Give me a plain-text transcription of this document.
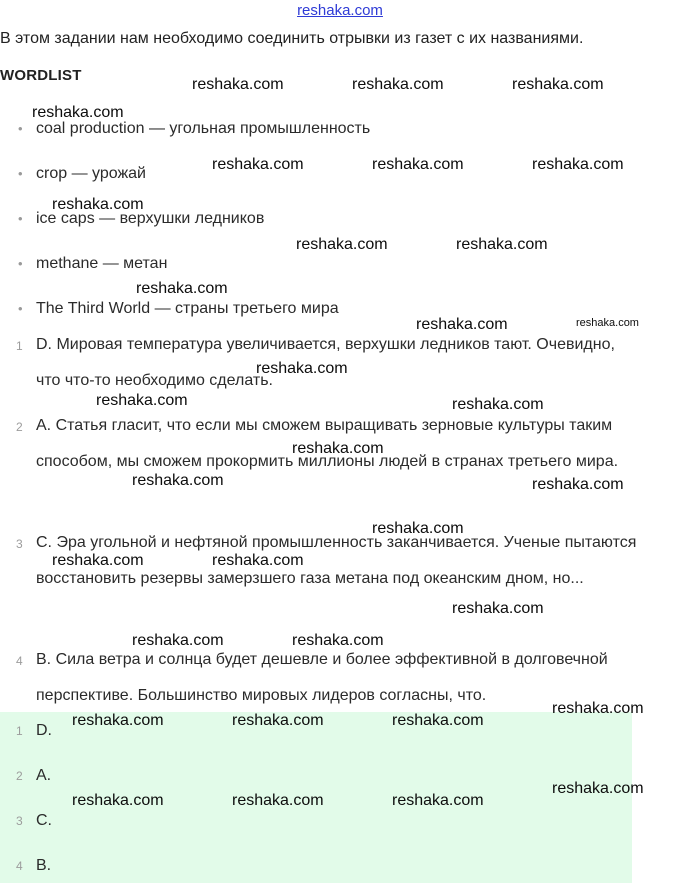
reshaka.com
В этом задании нам необходимо соединить отрывки из газет с их названиями.
WORDLIST
• coal production — угольная промышленность
• crop — урожай
• ice caps — верхушки ледников
• methane — метан
• The Third World — страны третьего мира
1 D. Мировая температура увеличивается, верхушки ледников тают. Очевидно, что что-то необходимо сделать.
2 A. Статья гласит, что если мы сможем выращивать зерновые культуры таким способом, мы сможем прокормить миллионы людей в странах третьего мира.
3 C. Эра угольной и нефтяной промышленность заканчивается. Ученые пытаются восстановить резервы замерзшего газа метана под океанским дном, но...
4 B. Сила ветра и солнца будет дешевле и более эффективной в долговечной перспективе. Большинство мировых лидеров согласны, что.
1 D.
2 A.
3 C.
4 B.
reshaka.com	reshaka.com	reshaka.com
reshaka.com
reshaka.com	reshaka.com	reshaka.com
reshaka.com
reshaka.com	reshaka.com
reshaka.com
reshaka.com	reshaka.com
reshaka.com
reshaka.com	reshaka.com
reshaka.com
reshaka.com	reshaka.com
reshaka.com
reshaka.com	reshaka.com
reshaka.com
reshaka.com	reshaka.com
reshaka.com
reshaka.com	reshaka.com	reshaka.com
reshaka.com
reshaka.com	reshaka.com	reshaka.com
